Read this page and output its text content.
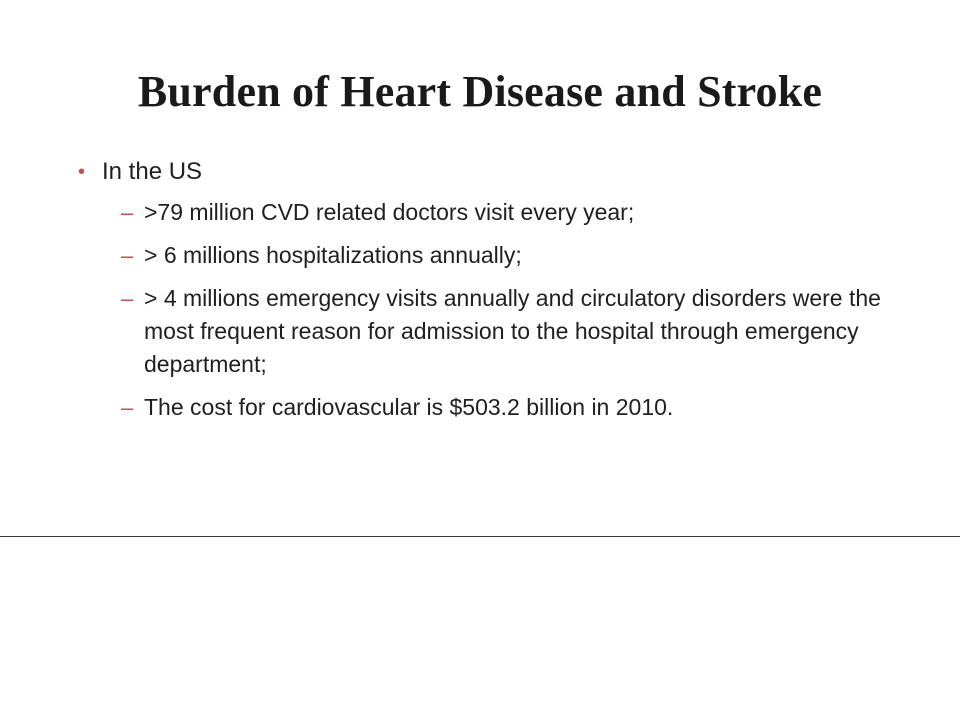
Burden of Heart Disease and Stroke
• In the US
– >79 million CVD related doctors visit every year;
– > 6 millions hospitalizations annually;
– > 4 millions emergency visits annually and circulatory disorders were the most frequent reason for admission to the hospital through emergency department;
– The cost for cardiovascular is $503.2 billion in 2010.
